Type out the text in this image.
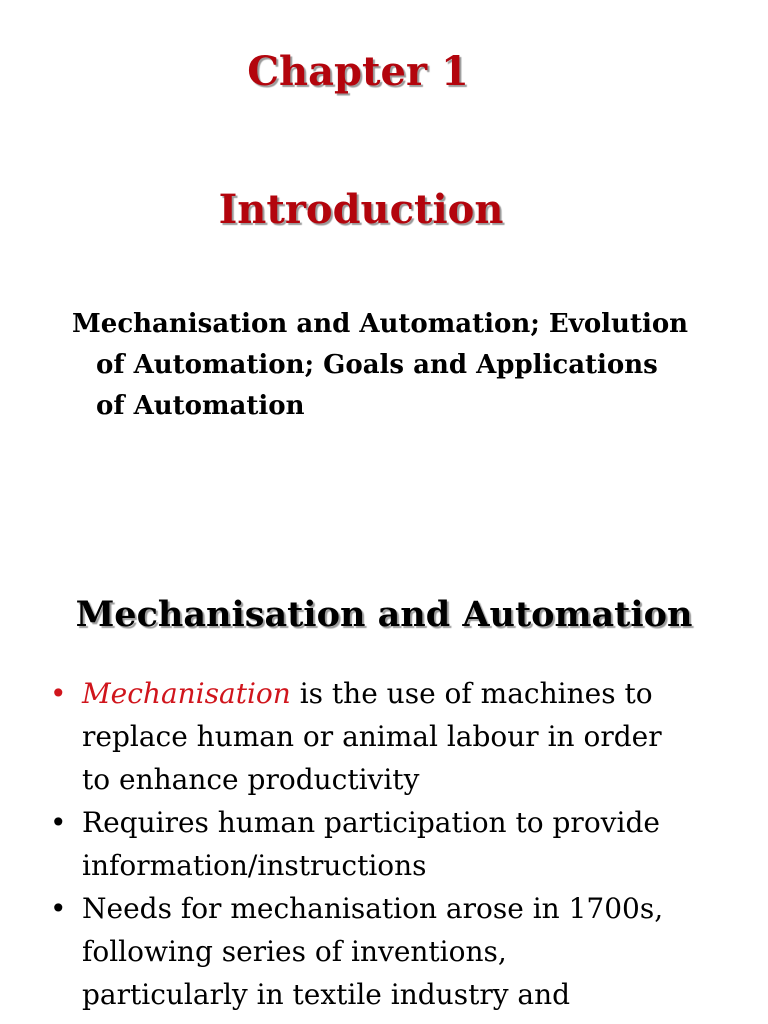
Chapter 1
Introduction
Mechanisation and Automation; Evolution
of Automation; Goals and Applications
of Automation
Mechanisation and Automation
• Mechanisation is the use of machines to
replace human or animal labour in order
to enhance productivity
• Requires human participation to provide
information/instructions
• Needs for mechanisation arose in 1700s,
following series of inventions,
particularly in textile industry and
